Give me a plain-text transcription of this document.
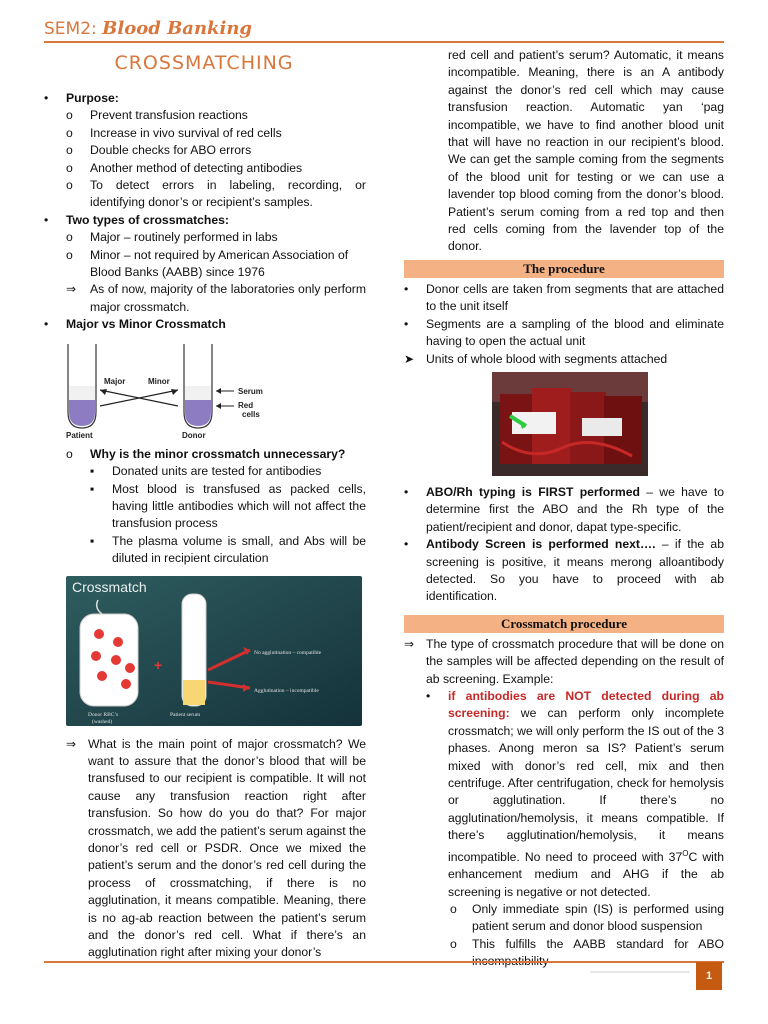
SEM2: Blood Banking
CROSSMATCHING
•	Purpose:
o	Prevent transfusion reactions
o	Increase in vivo survival of red cells
o	Double checks for ABO errors
o	Another method of detecting antibodies
o	To detect errors in labeling, recording, or identifying donor’s or recipient’s samples.
•	Two types of crossmatches:
o	Major – routinely performed in labs
o	Minor – not required by American Association of Blood Banks (AABB) since 1976
⇒	As of now, majority of the laboratories only perform major crossmatch.
•	Major vs Minor Crossmatch
Major	Minor
Serum
Red
cells
Patient	Donor
o	Why is the minor crossmatch unnecessary?
▪	Donated units are tested for antibodies
▪	Most blood is transfused as packed cells, having little antibodies which will not affect the transfusion process
▪	The plasma volume is small, and Abs will be diluted in recipient circulation
Crossmatch
+
No agglutination – compatible
Agglutination – incompatible
Donor RBC’s
(washed)
Patient serum
⇒ What is the main point of major crossmatch? We want to assure that the donor’s blood that will be transfused to our recipient is compatible. It will not cause any transfusion reaction right after transfusion. So how do you do that? For major crossmatch, we add the patient’s serum against the donor’s red cell or PSDR. Once we mixed the patient’s serum and the donor’s red cell during the process of crossmatching, if there is no agglutination, it means compatible. Meaning, there is no ag-ab reaction between the patient’s serum and the donor’s red cell. What if there’s an agglutination right after mixing your donor’s
red cell and patient’s serum? Automatic, it means incompatible. Meaning, there is an A antibody against the donor’s red cell which may cause transfusion reaction. Automatic yan ‘pag incompatible, we have to find another blood unit that will have no reaction in our recipient’s blood. We can get the sample coming from the segments of the blood unit for testing or we can use a lavender top blood coming from the donor’s blood. Patient’s serum coming from a red top and then red cells coming from the lavender top of the donor.
The procedure
•	Donor cells are taken from segments that are attached to the unit itself
•	Segments are a sampling of the blood and eliminate having to open the actual unit
➤ Units of whole blood with segments attached
•	ABO/Rh typing is FIRST performed – we have to determine first the ABO and the Rh type of the patient/recipient and donor, dapat type-specific.
•	Antibody Screen is performed next…. – if the ab screening is positive, it means merong alloantibody detected. So you have to proceed with ab identification.
Crossmatch procedure
⇒ The type of crossmatch procedure that will be done on the samples will be affected depending on the result of ab screening. Example:
•	if antibodies are NOT detected during ab screening: we can perform only incomplete crossmatch; we will only perform the IS out of the 3 phases. Anong meron sa IS? Patient’s serum mixed with donor’s red cell, mix and then centrifuge. After centrifugation, check for hemolysis or agglutination. If there’s no agglutination/hemolysis, it means compatible. If there’s agglutination/hemolysis, it means incompatible. No need to proceed with $37^OC$ with enhancement medium and AHG if the ab screening is negative or not detected.
o	Only immediate spin (IS) is performed using patient serum and donor blood suspension
o	This fulfills the AABB standard for ABO
1
